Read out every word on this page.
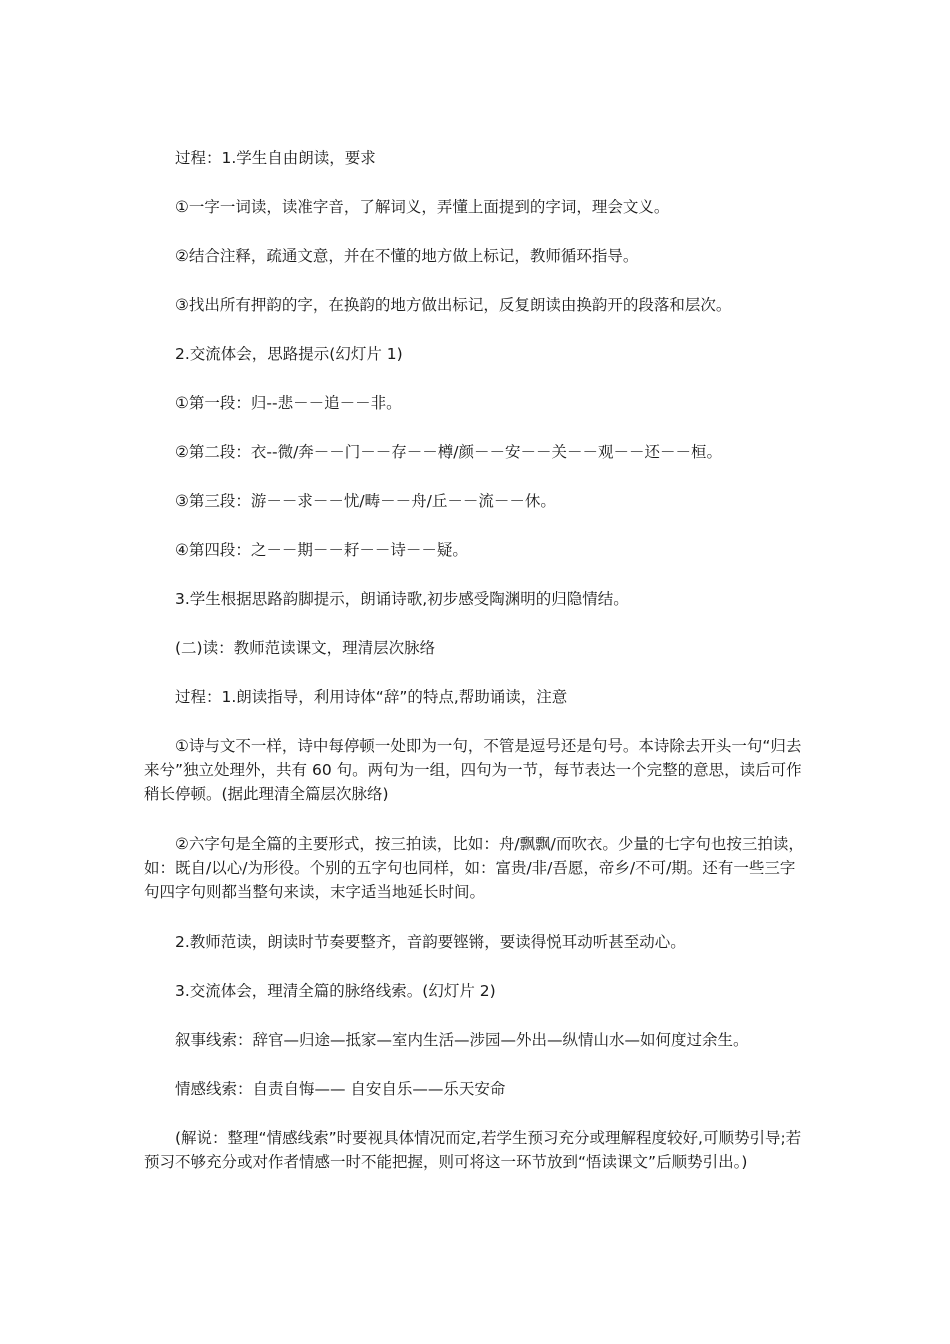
过程：1.学生自由朗读，要求

①一字一词读，读准字音，了解词义，弄懂上面提到的字词，理会文义。

②结合注释，疏通文意，并在不懂的地方做上标记，教师循环指导。

③找出所有押韵的字，在换韵的地方做出标记，反复朗读由换韵开的段落和层次。

2.交流体会，思路提示(幻灯片 1)

①第一段：归--悲－－追－－非。

②第二段：衣--微/奔－－门－－存－－樽/颜－－安－－关－－观－－还－－桓。

③第三段：游－－求－－忧/畴－－舟/丘－－流－－休。

④第四段：之－－期－－耔－－诗－－疑。

3.学生根据思路韵脚提示，朗诵诗歌,初步感受陶渊明的归隐情结。

(二)读：教师范读课文，理清层次脉络

过程：1.朗读指导，利用诗体“辞”的特点,帮助诵读，注意

①诗与文不一样，诗中每停顿一处即为一句，不管是逗号还是句号。本诗除去开头一句“归去来兮”独立处理外，共有 60 句。两句为一组，四句为一节，每节表达一个完整的意思，读后可作稍长停顿。(据此理清全篇层次脉络)

②六字句是全篇的主要形式，按三拍读，比如：舟/飘飘/而吹衣。少量的七字句也按三拍读，如：既自/以心/为形役。个别的五字句也同样，如：富贵/非/吾愿，帝乡/不可/期。还有一些三字句四字句则都当整句来读，末字适当地延长时间。

2.教师范读，朗读时节奏要整齐，音韵要铿锵，要读得悦耳动听甚至动心。

3.交流体会，理清全篇的脉络线索。(幻灯片 2)

叙事线索：辞官—归途—抵家—室内生活—涉园—外出—纵情山水—如何度过余生。

情感线索：自责自悔—— 自安自乐——乐天安命

(解说：整理“情感线索”时要视具体情况而定,若学生预习充分或理解程度较好,可顺势引导;若预习不够充分或对作者情感一时不能把握，则可将这一环节放到“悟读课文”后顺势引出。)
